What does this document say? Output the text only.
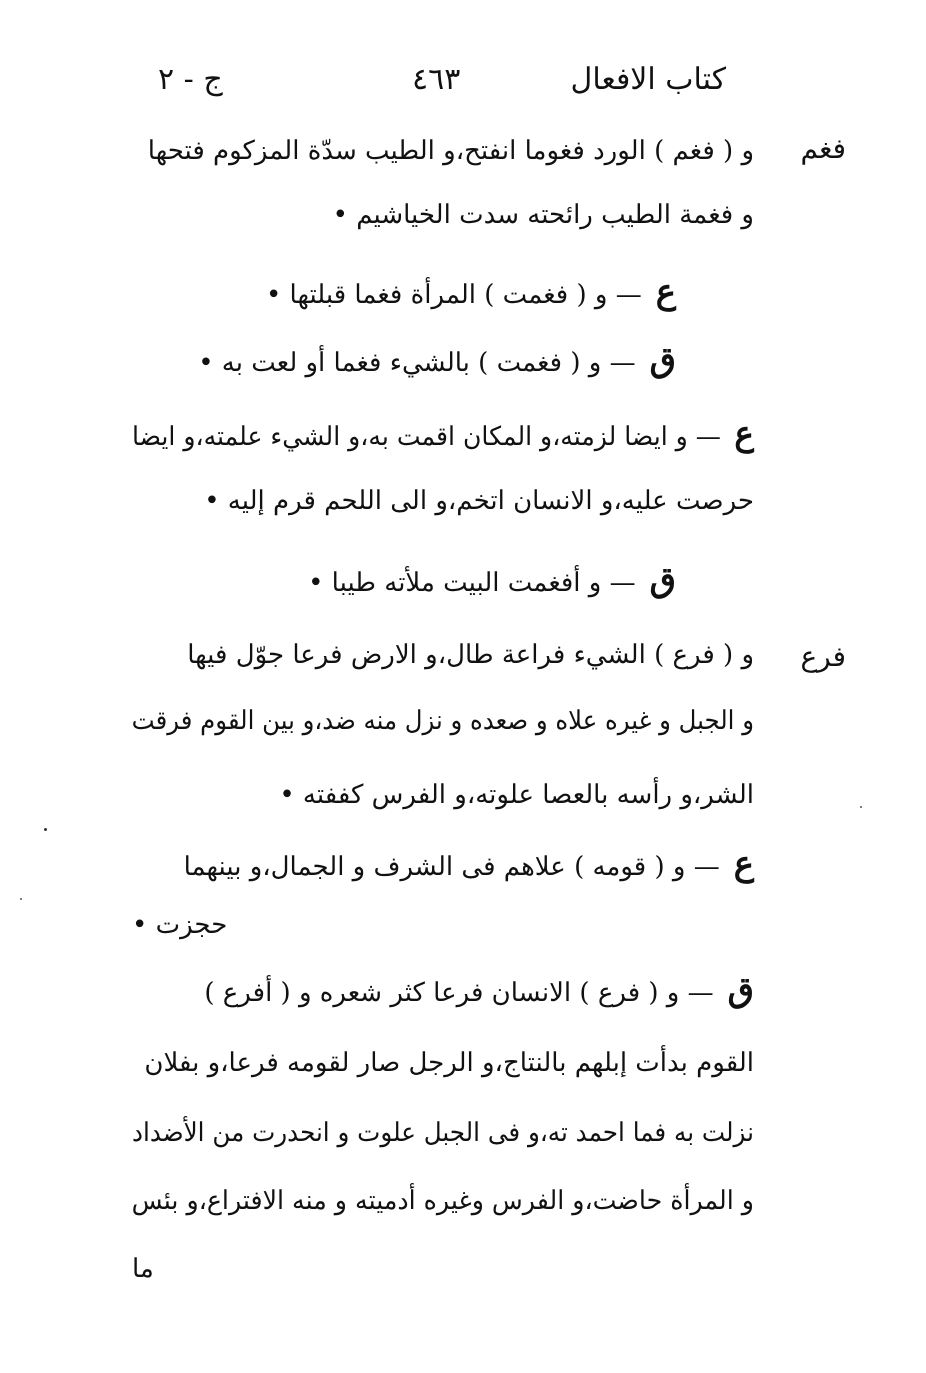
كتاب الافعال
٤٦٣
ج - ٢
فغم
و ( فغم ) الورد فغوما انفتح،و الطيب سدّة المزكوم فتحها
و فغمة الطيب رائحته سدت الخياشيم •
ع— و ( فغمت ) المرأة فغما قبلتها •
ق— و ( فغمت ) بالشيء فغما أو لعت به •
ع— و ايضا لزمته،و المكان اقمت به،و الشيء علمته،و ايضا
حرصت عليه،و الانسان اتخم،و الى اللحم قرم إليه •
ق— و أفغمت البيت ملأته طيبا •
فرع
و ( فرع ) الشيء فراعة طال،و الارض فرعا جوّل فيها
و الجبل و غيره علاه و صعده و نزل منه ضد،و بين القوم فرقت
الشر،و رأسه بالعصا علوته،و الفرس كففته •
ع— و ( قومه ) علاهم فى الشرف و الجمال،و بينهما
حجزت •
ق— و ( فرع ) الانسان فرعا كثر شعره و ( أفرع )
القوم بدأت إبلهم بالنتاج،و الرجل صار لقومه فرعا،و بفلان
نزلت به فما احمد ته،و فى الجبل علوت و انحدرت من الأضداد
و المرأة حاضت،و الفرس وغيره أدميته و منه الافتراع،و بئس
ما
